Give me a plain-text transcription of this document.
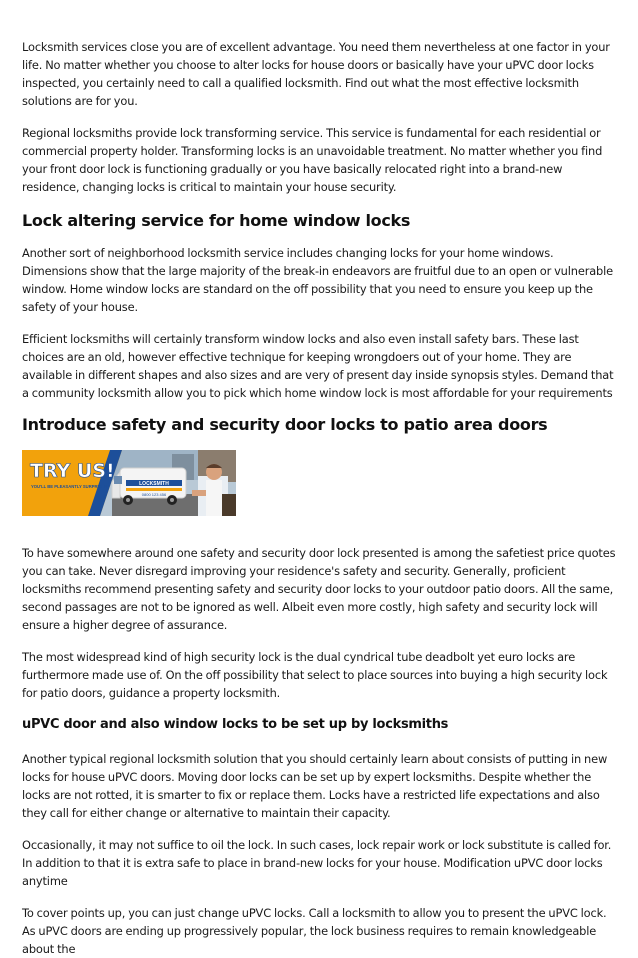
Locksmith services close you are of excellent advantage. You need them nevertheless at one factor in your life. No matter whether you choose to alter locks for house doors or basically have your uPVC door locks inspected, you certainly need to call a qualified locksmith. Find out what the most effective locksmith solutions are for you.

Regional locksmiths provide lock transforming service. This service is fundamental for each residential or commercial property holder. Transforming locks is an unavoidable treatment. No matter whether you find your front door lock is functioning gradually or you have basically relocated right into a brand-new residence, changing locks is critical to maintain your house security.

Lock altering service for home window locks

Another sort of neighborhood locksmith service includes changing locks for your home windows. Dimensions show that the large majority of the break-in endeavors are fruitful due to an open or vulnerable window. Home window locks are standard on the off possibility that you need to ensure you keep up the safety of your house.

Efficient locksmiths will certainly transform window locks and also even install safety bars. These last choices are an old, however effective technique for keeping wrongdoers out of your home. They are available in different shapes and also sizes and are very of present day inside synopsis styles. Demand that a community locksmith allow you to pick which home window lock is most affordable for your requirements

Introduce safety and security door locks to patio area doors
LOCKSMITH
0800 123 456
TRY US!
YOU'LL BE PLEASANTLY SURPRISED

To have somewhere around one safety and security door lock presented is among the safetiest price quotes you can take. Never disregard improving your residence's safety and security. Generally, proficient locksmiths recommend presenting safety and security door locks to your outdoor patio doors. All the same, second passages are not to be ignored as well. Albeit even more costly, high safety and security lock will ensure a higher degree of assurance.

The most widespread kind of high security lock is the dual cyndrical tube deadbolt yet euro locks are furthermore made use of. On the off possibility that select to place sources into buying a high security lock for patio doors, guidance a property locksmith.

uPVC door and also window locks to be set up by locksmiths

Another typical regional locksmith solution that you should certainly learn about consists of putting in new locks for house uPVC doors. Moving door locks can be set up by expert locksmiths. Despite whether the locks are not rotted, it is smarter to fix or replace them. Locks have a restricted life expectations and also they call for either change or alternative to maintain their capacity.

Occasionally, it may not suffice to oil the lock. In such cases, lock repair work or lock substitute is called for. In addition to that it is extra safe to place in brand-new locks for your house. Modification uPVC door locks anytime

To cover points up, you can just change uPVC locks. Call a locksmith to allow you to present the uPVC lock. As uPVC doors are ending up progressively popular, the lock business requires to remain knowledgeable about the
